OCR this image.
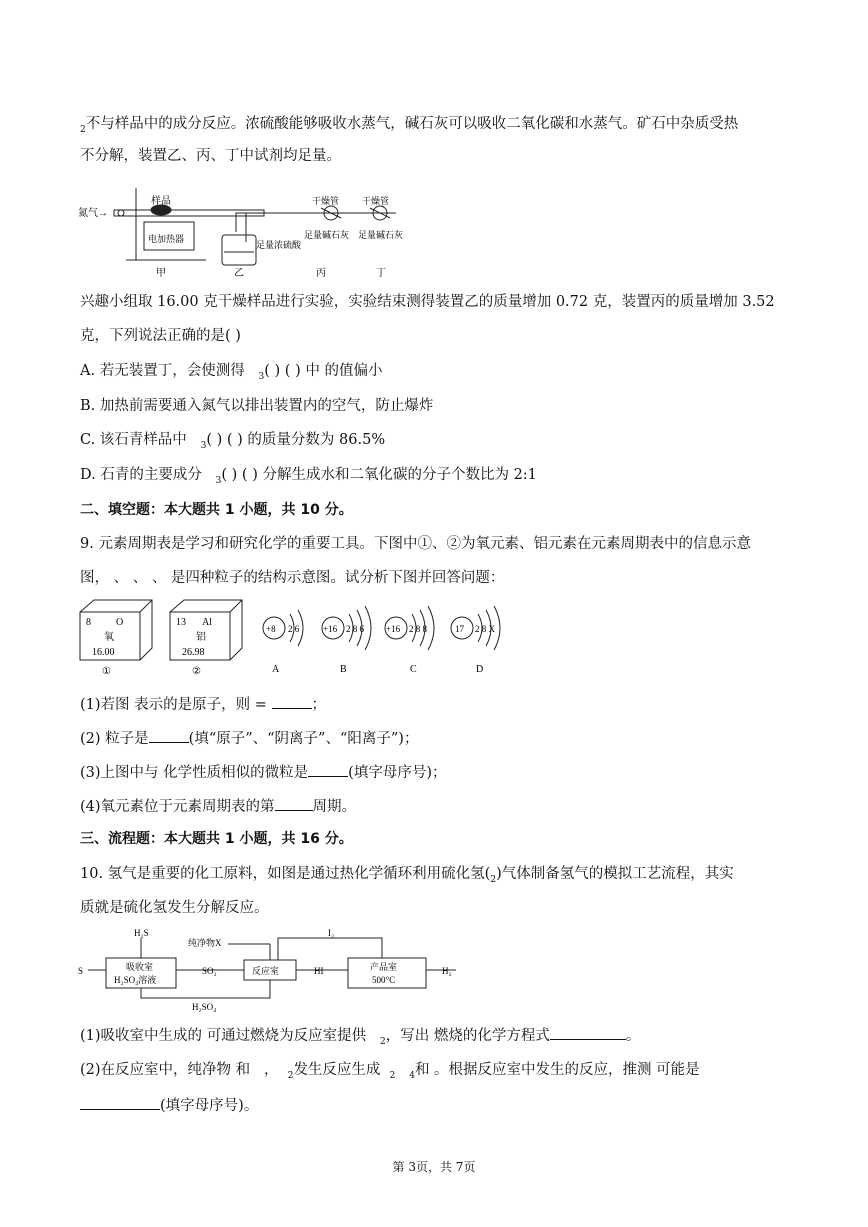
$_2$不与样品中的成分反应。浓硫酸能够吸收水蒸气，碱石灰可以吸收二氧化碳和水蒸气。矿石中杂质受热
不分解，装置乙、丙、丁中试剂均足量。
氮气→
样品
电加热器
足量浓硫酸
干燥管	干燥管
足量碱石灰 足量碱石灰
甲	乙	丙	丁
兴趣小组取 16.00 克干燥样品进行实验，实验结束测得装置乙的质量增加 0.72 克，装置丙的质量增加 3.52
克，下列说法正确的是( )
A. 若无装置丁，会使测得 $_3$( ) ( ) 中 的值偏小
B. 加热前需要通入氮气以排出装置内的空气，防止爆炸
C. 该石青样品中 $_3$( ) ( ) 的质量分数为 86.5%
D. 石青的主要成分 $_3$( ) ( ) 分解生成水和二氧化碳的分子个数比为 2:1
二、填空题：本大题共 1 小题，共 10 分。
9. 元素周期表是学习和研究化学的重要工具。下图中①、②为氧元素、铝元素在元素周期表中的信息示意
图， 、 、 、 是四种粒子的结构示意图。试分析下图并回答问题：
8	O
氧
16.00
13 Al
铝
26.98
①	②
+8 2 6	+16 2 8 6 +16 2 8 8	17 2 8 X
A	B	C	D
(1)若图 表示的是原子，则 =	；
(2) 粒子是	(填“原子”、“阴离子”、“阳离子”)；
(3)上图中与 化学性质相似的微粒是	(填字母序号)；
(4)氧元素位于元素周期表的第	周期。
三、流程题：本大题共 1 小题，共 16 分。
10. 氢气是重要的化工原料，如图是通过热化学循环利用硫化氢$(_2)$气体制备氢气的模拟工艺流程，其实
质就是硫化氢发生分解反应。
H₂S
纯净物X
I₂
S	吸收室
H₂SO₄溶液
SO₂	反应室	HI	产品室
500°C
H₂
H₂SO₄
(1)吸收室中生成的 可通过燃烧为反应室提供 $_2$，写出 燃烧的化学方程式	。
(2)在反应室中，纯净物 和 ， $_2$发生反应生成 $_2$ $_4$和 。根据反应室中发生的反应，推测 可能是
(填字母序号)。
第 3页，共 7页
